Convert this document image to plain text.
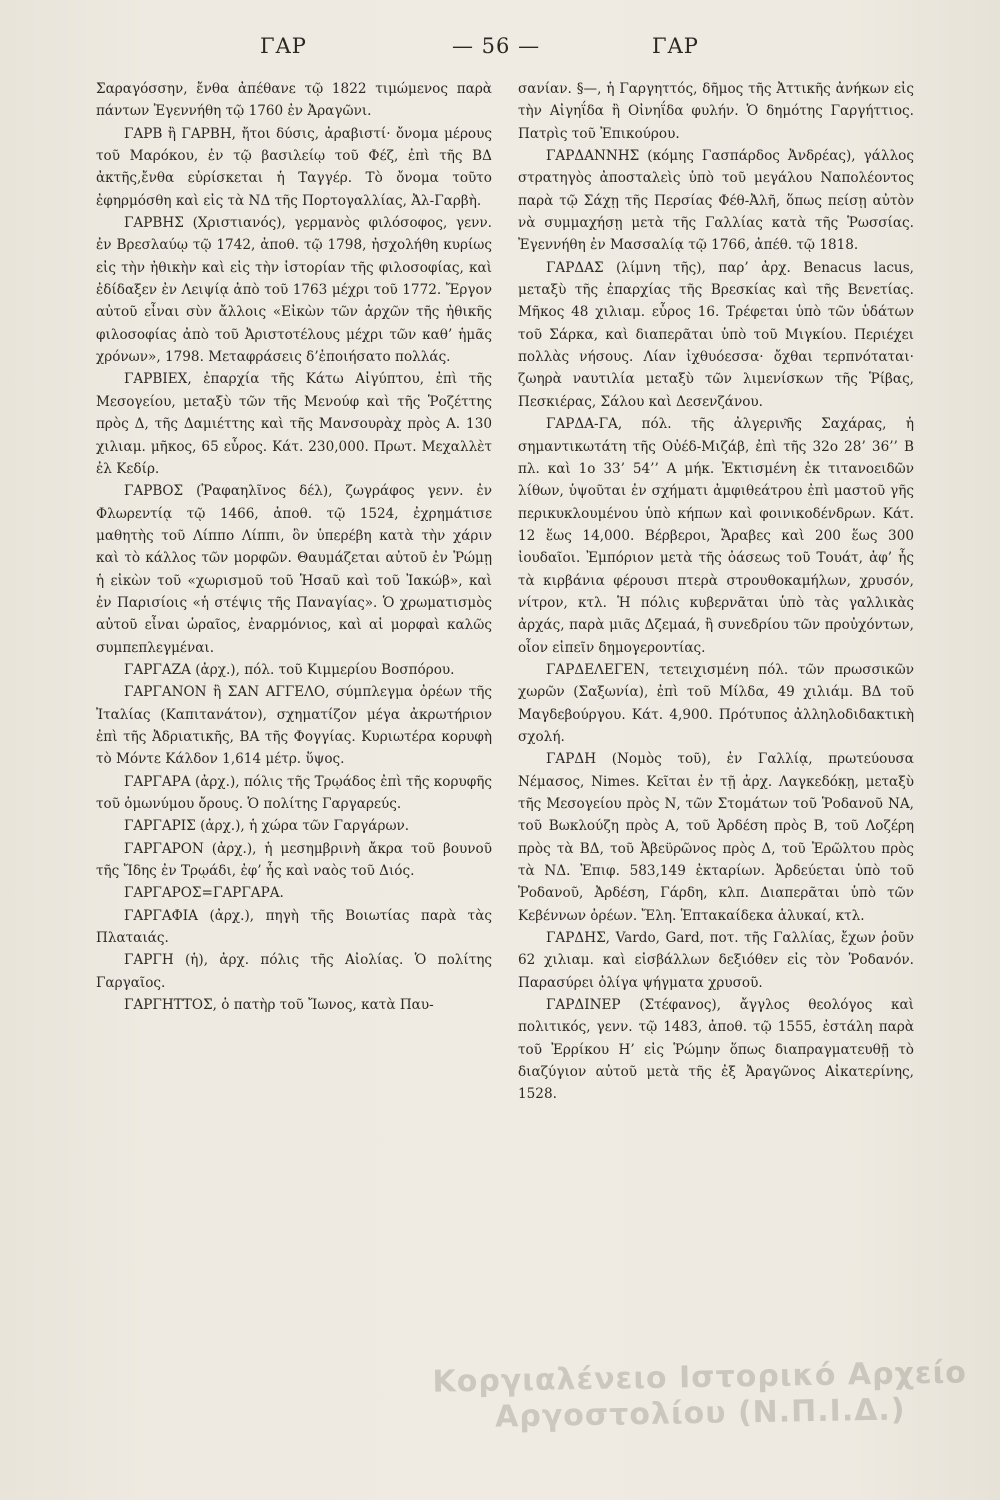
ΓΑΡ	— 56 —	ΓΑΡ

Σαραγόσσην, ἔνθα ἀπέθανε τῷ 1822 τιμώμενος παρὰ πάντων Ἐγεννήθη τῷ 1760 ἐν Ἀραγῶνι.

ΓΑΡΒ ἢ ΓΑΡΒΗ, ἤτοι δύσις, ἀραβιστί· ὄνομα μέρους τοῦ Μαρόκου, ἐν τῷ βασιλείῳ τοῦ Φέζ, ἐπὶ τῆς ΒΔ ἀκτῆς,ἔνθα εὑρίσκεται ἡ Ταγγέρ. Τὸ ὄνομα τοῦτο ἐφηρμόσθη καὶ εἰς τὰ ΝΔ τῆς Πορτογαλλίας, Ἀλ-Γαρβὴ.

ΓΑΡΒΗΣ (Χριστιανός), γερμανὸς φιλόσοφος, γενν. ἐν Βρεσλαύῳ τῷ 1742, ἀποθ. τῷ 1798, ἠσχολήθη κυρίως εἰς τὴν ἠθικὴν καὶ εἰς τὴν ἱστορίαν τῆς φιλοσοφίας, καὶ ἐδίδαξεν ἐν Λειψίᾳ ἀπὸ τοῦ 1763 μέχρι τοῦ 1772. Ἔργον αὐτοῦ εἶναι σὺν ἄλλοις «Εἰκὼν τῶν ἀρχῶν τῆς ἠθικῆς φιλοσοφίας ἀπὸ τοῦ Ἀριστοτέλους μέχρι τῶν καθ’ ἡμᾶς χρόνων», 1798. Μεταφράσεις δ’ἐποιήσατο πολλάς.

ΓΑΡΒΙΕΧ, ἐπαρχία τῆς Κάτω Αἰγύπτου, ἐπὶ τῆς Μεσογείου, μεταξὺ τῶν τῆς Μενούφ καὶ τῆς Ῥοζέττης πρὸς Δ, τῆς Δαμιέττης καὶ τῆς Μανσουρὰχ πρὸς Α. 130 χιλιαμ. μῆκος, 65 εὖρος. Κάτ. 230,000. Πρωτ. Μεχαλλὲτ ἐλ Κεδίρ.

ΓΑΡΒΟΣ (Ῥαφαηλῖνος δέλ), ζωγράφος γενν. ἐν Φλωρεντίᾳ τῷ 1466, ἀποθ. τῷ 1524, ἐχρημάτισε μαθητὴς τοῦ Λίππο Λίππι, ὃν ὑπερέβη κατὰ τὴν χάριν καὶ τὸ κάλλος τῶν μορφῶν. Θαυμάζεται αὐτοῦ ἐν Ῥώμῃ ἡ εἰκὼν τοῦ «χωρισμοῦ τοῦ Ἡσαῦ καὶ τοῦ Ἰακώβ», καὶ ἐν Παρισίοις «ἡ στέψις τῆς Παναγίας». Ὁ χρωματισμὸς αὐτοῦ εἶναι ὡραῖος, ἐναρμόνιος, καὶ αἱ μορφαὶ καλῶς συμπεπλεγμέναι.

ΓΑΡΓΑΖΑ (ἀρχ.), πόλ. τοῦ Κιμμερίου Βοσπόρου.

ΓΑΡΓΑΝΟΝ ἢ ΣΑΝ ΑΓΓΕΛΟ, σύμπλεγμα ὀρέων τῆς Ἰταλίας (Καπιτανάτον), σχηματίζον μέγα ἀκρωτήριον ἐπὶ τῆς Ἀδριατικῆς, ΒΑ τῆς Φογγίας. Κυριωτέρα κορυφὴ τὸ Μόντε Κάλδον 1,614 μέτρ. ὕψος.

ΓΑΡΓΑΡΑ (ἀρχ.), πόλις τῆς Τρῳάδος ἐπὶ τῆς κορυφῆς τοῦ ὁμωνύμου ὄρους. Ὁ πολίτης Γαργαρεύς.

ΓΑΡΓΑΡΙΣ (ἀρχ.), ἡ χώρα τῶν Γαργάρων.

ΓΑΡΓΑΡΟΝ (ἀρχ.), ἡ μεσημβρινὴ ἄκρα τοῦ βουνοῦ τῆς Ἴδης ἐν Τρῳάδι, ἐφ’ ἧς καὶ ναὸς τοῦ Διός.

ΓΑΡΓΑΡΟΣ=ΓΑΡΓΑΡΑ.

ΓΑΡΓΑΦΙΑ (ἀρχ.), πηγὴ τῆς Βοιωτίας παρὰ τὰς Πλαταιάς.

ΓΑΡΓΗ (ἡ), ἀρχ. πόλις τῆς Αἰολίας. Ὁ πολίτης Γαργαῖος.

ΓΑΡΓΗΤΤΟΣ, ὁ πατὴρ τοῦ Ἴωνος, κατὰ Παυ-

σανίαν. §—, ἡ Γαργηττός, δῆμος τῆς Ἀττικῆς ἀνήκων εἰς τὴν Αἰγηΐδα ἢ Οἰνηΐδα φυλήν. Ὁ δημότης Γαργήττιος. Πατρὶς τοῦ Ἐπικούρου.

ΓΑΡΔΑΝΝΗΣ (κόμης Γασπάρδος Ἀνδρέας), γάλλος στρατηγὸς ἀποσταλεὶς ὑπὸ τοῦ μεγάλου Ναπολέοντος παρὰ τῷ Σάχῃ τῆς Περσίας Φέθ-Ἀλῆ, ὅπως πείσῃ αὐτὸν νὰ συμμαχήσῃ μετὰ τῆς Γαλλίας κατὰ τῆς Ῥωσσίας. Ἐγεννήθη ἐν Μασσαλίᾳ τῷ 1766, ἀπέθ. τῷ 1818.

ΓΑΡΔΑΣ (λίμνη τῆς), παρ’ ἀρχ. Benacus lacus, μεταξὺ τῆς ἐπαρχίας τῆς Βρεσκίας καὶ τῆς Βενετίας. Μῆκος 48 χιλιαμ. εὖρος 16. Τρέφεται ὑπὸ τῶν ὑδάτων τοῦ Σάρκα, καὶ διαπερᾶται ὑπὸ τοῦ Μιγκίου. Περιέχει πολλὰς νήσους. Λίαν ἰχθυόεσσα· ὄχθαι τερπνόταται· ζωηρὰ ναυτιλία μεταξὺ τῶν λιμενίσκων τῆς Ῥίβας, Πεσκιέρας, Σάλου καὶ Δεσενζάνου.

ΓΑΡΔΑ-ΓΑ, πόλ. τῆς ἀλγεριν͂ῆς Σαχάρας, ἡ σημαντικωτάτη τῆς Οὐέδ-Μιζάβ, ἐπὶ τῆς 32ο 28’ 36’’ Β πλ. καὶ 1ο 33’ 54’’ Α μήκ. Ἐκτισμένη ἐκ τιτανοειδῶν λίθων, ὑψοῦται ἐν σχήματι ἀμφιθεάτρου ἐπὶ μαστοῦ γῆς περικυκλουμένου ὑπὸ κήπων καὶ φοινικοδένδρων. Κάτ. 12 ἕως 14,000. Βέρβεροι, Ἄραβες καὶ 200 ἕως 300 ἰουδαῖοι. Ἐμπόριον μετὰ τῆς ὀάσεως τοῦ Τουάτ, ἀφ’ ἧς τὰ κιρβάνια φέρουσι πτερὰ στρουθοκαμήλων, χρυσόν, νίτρον, κτλ. Ἡ πόλις κυβερνᾶται ὑπὸ τὰς γαλλικὰς ἀρχάς, παρὰ μιᾶς Δζεμαά, ἢ συνεδρίου τῶν προὐχόντων, οἷον εἰπεῖν δημογεροντίας.

ΓΑΡΔΕΛΕΓΕΝ, τετειχισμένη πόλ. τῶν πρωσσικῶν χωρῶν (Σαξωνία), ἐπὶ τοῦ Μίλδα, 49 χιλιάμ. ΒΔ τοῦ Μαγδεβούργου. Κάτ. 4,900. Πρότυπος ἀλληλοδιδακτικὴ σχολή.

ΓΑΡΔΗ (Νομὸς τοῦ), ἐν Γαλλίᾳ, πρωτεύουσα Νέμασος, Nimes. Κεῖται ἐν τῇ ἀρχ. Λαγκεδόκῃ, μεταξὺ τῆς Μεσογείου πρὸς Ν, τῶν Στομάτων τοῦ Ῥοδανοῦ ΝΑ, τοῦ Βωκλούζη πρὸς Α, τοῦ Ἀρδέση πρὸς Β, τοῦ Λοζέρη πρὸς τὰ ΒΔ, τοῦ Ἀβεϋρῶνος πρὸς Δ, τοῦ Ἐρῶλτου πρὸς τὰ ΝΔ. Ἐπιφ. 583,149 ἐκταρίων. Ἀρδεύεται ὑπὸ τοῦ Ῥοδανοῦ, Ἀρδέση, Γάρδη, κλπ. Διαπερᾶται ὑπὸ τῶν Κεβέννων ὀρέων. Ἔλη. Ἑπτακαίδεκα ἁλυκαί, κτλ.

ΓΑΡΔΗΣ, Vardo, Gard, ποτ. τῆς Γαλλίας, ἔχων ῥοῦν 62 χιλιαμ. καὶ εἰσβάλλων δεξιόθεν εἰς τὸν Ῥοδανόν. Παρασύρει ὀλίγα ψήγματα χρυσοῦ.

ΓΑΡΔΙΝΕΡ (Στέφανος), ἄγγλος θεολόγος καὶ πολιτικός, γενν. τῷ 1483, ἀποθ. τῷ 1555, ἐστάλη παρὰ τοῦ Ἐρρίκου Η’ εἰς Ῥώμην ὅπως διαπραγματευθῇ τὸ διαζύγιον αὐτοῦ μετὰ τῆς ἐξ Ἀραγῶνος Αἰκατερίνης, 1528.

Κοργιαλένειο Ιστορικό Αρχείο
Αργοστολίου (Ν.Π.Ι.Δ.)
